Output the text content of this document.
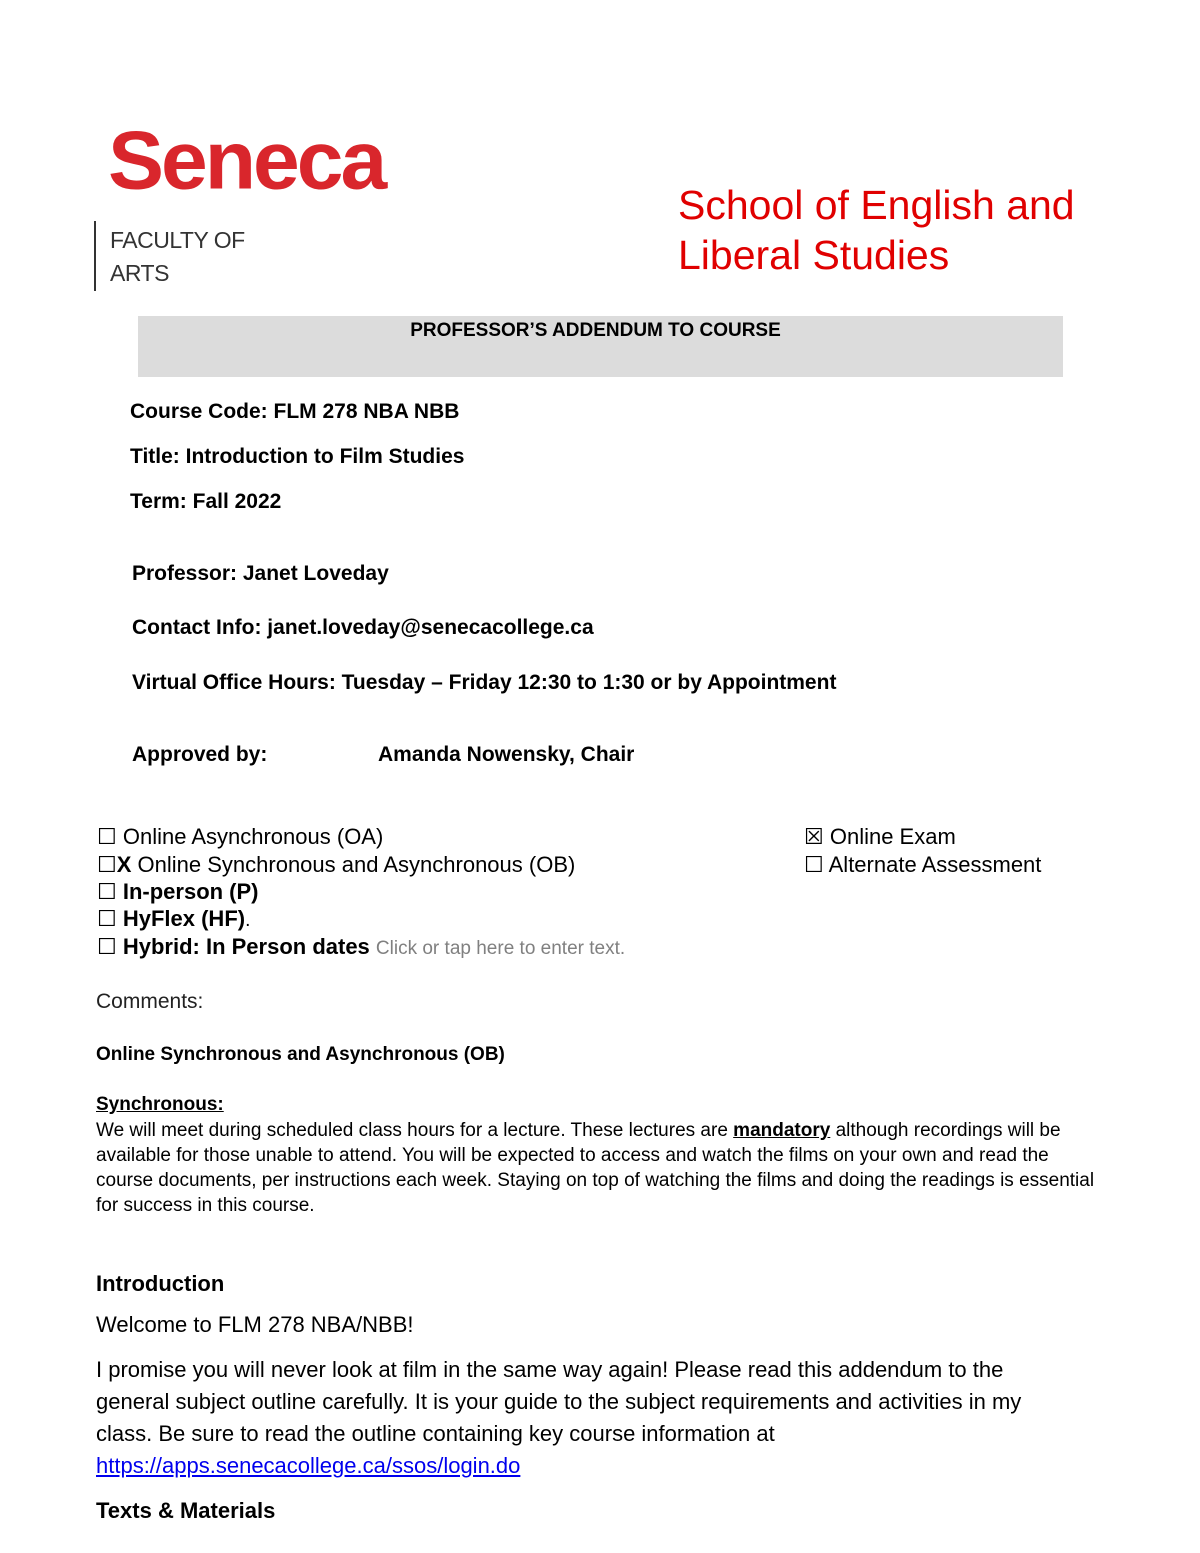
Seneca
FACULTY OF
ARTS
School of English and Liberal Studies
PROFESSOR’S ADDENDUM TO COURSE
Course Code: FLM 278 NBA NBB
Title: Introduction to Film Studies
Term: Fall 2022
Professor: Janet Loveday
Contact Info: janet.loveday@senecacollege.ca
Virtual Office Hours: Tuesday – Friday 12:30 to 1:30 or by Appointment
Approved by:	Amanda Nowensky, Chair
☐ Online Asynchronous (OA)
☐X Online Synchronous and Asynchronous (OB)
☐ In-person (P)
☐ HyFlex (HF).
☐ Hybrid: In Person dates Click or tap here to enter text.
☒ Online Exam
☐ Alternate Assessment
Comments:
Online Synchronous and Asynchronous (OB)
Synchronous:
We will meet during scheduled class hours for a lecture. These lectures are mandatory although recordings will be available for those unable to attend. You will be expected to access and watch the films on your own and read the course documents, per instructions each week. Staying on top of watching the films and doing the readings is essential for success in this course.
Introduction
Welcome to FLM 278 NBA/NBB!
I promise you will never look at film in the same way again! Please read this addendum to the general subject outline carefully. It is your guide to the subject requirements and activities in my class. Be sure to read the outline containing key course information at https://apps.senecacollege.ca/ssos/login.do
Texts & Materials
